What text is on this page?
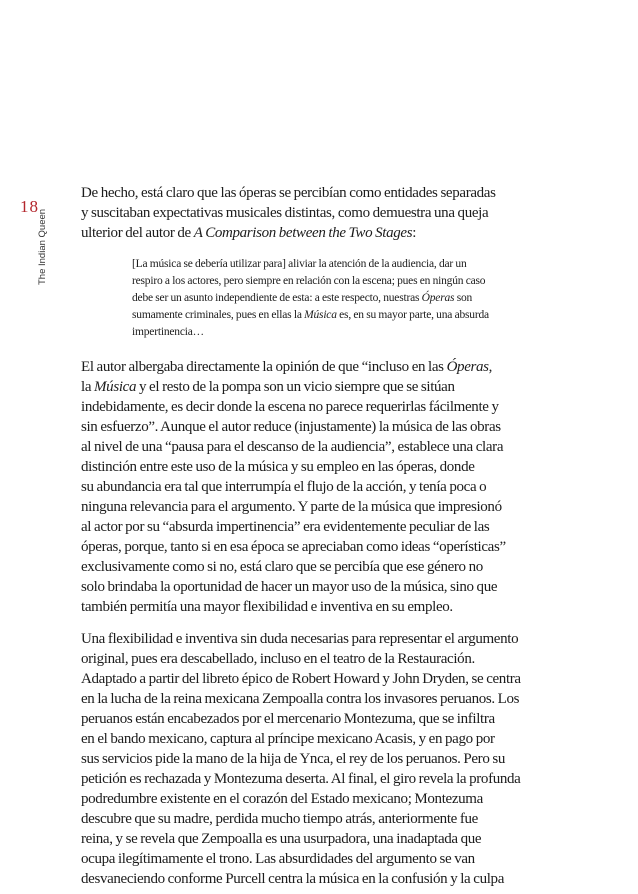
18
The Indian Queen

De hecho, está claro que las óperas se percibían como entidades separadas
y suscitaban expectativas musicales distintas, como demuestra una queja
ulterior del autor de A Comparison between the Two Stages:

[La música se debería utilizar para] aliviar la atención de la audiencia, dar un
respiro a los actores, pero siempre en relación con la escena; pues en ningún caso
debe ser un asunto independiente de esta: a este respecto, nuestras Óperas son
sumamente criminales, pues en ellas la Música es, en su mayor parte, una absurda
impertinencia…

El autor albergaba directamente la opinión de que “incluso en las Óperas,
la Música y el resto de la pompa son un vicio siempre que se sitúan
indebidamente, es decir donde la escena no parece requerirlas fácilmente y
sin esfuerzo”. Aunque el autor reduce (injustamente) la música de las obras
al nivel de una “pausa para el descanso de la audiencia”, establece una clara
distinción entre este uso de la música y su empleo en las óperas, donde
su abundancia era tal que interrumpía el flujo de la acción, y tenía poca o
ninguna relevancia para el argumento. Y parte de la música que impresionó
al actor por su “absurda impertinencia” era evidentemente peculiar de las
óperas, porque, tanto si en esa época se apreciaban como ideas “operísticas”
exclusivamente como si no, está claro que se percibía que ese género no
solo brindaba la oportunidad de hacer un mayor uso de la música, sino que
también permitía una mayor flexibilidad e inventiva en su empleo.

Una flexibilidad e inventiva sin duda necesarias para representar el argumento
original, pues era descabellado, incluso en el teatro de la Restauración.
Adaptado a partir del libreto épico de Robert Howard y John Dryden, se centra
en la lucha de la reina mexicana Zempoalla contra los invasores peruanos. Los
peruanos están encabezados por el mercenario Montezuma, que se infiltra
en el bando mexicano, captura al príncipe mexicano Acasis, y en pago por
sus servicios pide la mano de la hija de Ynca, el rey de los peruanos. Pero su
petición es rechazada y Montezuma deserta. Al final, el giro revela la profunda
podredumbre existente en el corazón del Estado mexicano; Montezuma
descubre que su madre, perdida mucho tiempo atrás, anteriormente fue
reina, y se revela que Zempoalla es una usurpadora, una inadaptada que
ocupa ilegítimamente el trono. Las absurdidades del argumento se van
desvaneciendo conforme Purcell centra la música en la confusión y la culpa
